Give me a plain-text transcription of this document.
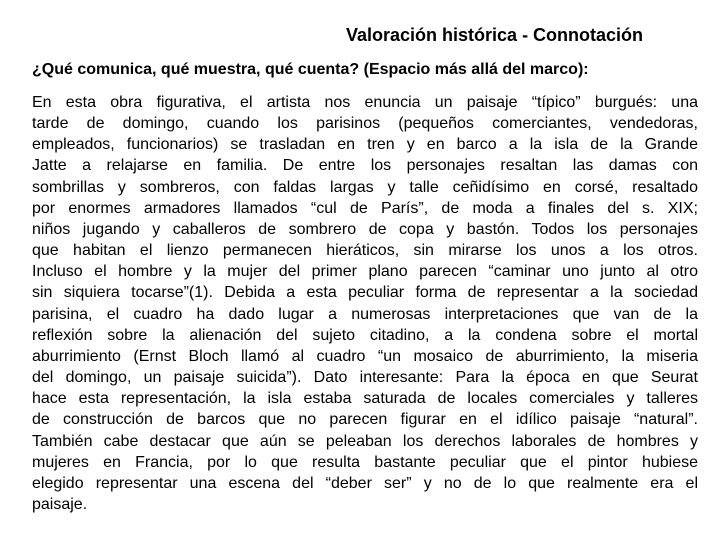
Valoración histórica - Connotación
¿Qué comunica, qué muestra, qué cuenta? (Espacio más allá del marco):
En esta obra figurativa, el artista nos enuncia un paisaje “típico” burgués: una
tarde de domingo, cuando los parisinos (pequeños comerciantes, vendedoras,
empleados, funcionarios) se trasladan en tren y en barco a la isla de la Grande
Jatte a relajarse en familia. De entre los personajes resaltan las damas con
sombrillas y sombreros, con faldas largas y talle ceñidísimo en corsé, resaltado
por enormes armadores llamados “cul de París”, de moda a finales del s. XIX;
niños jugando y caballeros de sombrero de copa y bastón. Todos los personajes
que habitan el lienzo permanecen hieráticos, sin mirarse los unos a los otros.
Incluso el hombre y la mujer del primer plano parecen “caminar uno junto al otro
sin siquiera tocarse”(1). Debida a esta peculiar forma de representar a la sociedad
parisina, el cuadro ha dado lugar a numerosas interpretaciones que van de la
reflexión sobre la alienación del sujeto citadino, a la condena sobre el mortal
aburrimiento (Ernst Bloch llamó al cuadro “un mosaico de aburrimiento, la miseria
del domingo, un paisaje suicida”). Dato interesante: Para la época en que Seurat
hace esta representación, la isla estaba saturada de locales comerciales y talleres
de construcción de barcos que no parecen figurar en el idílico paisaje “natural”.
También cabe destacar que aún se peleaban los derechos laborales de hombres y
mujeres en Francia, por lo que resulta bastante peculiar que el pintor hubiese
elegido representar una escena del “deber ser” y no de lo que realmente era el
paisaje.
